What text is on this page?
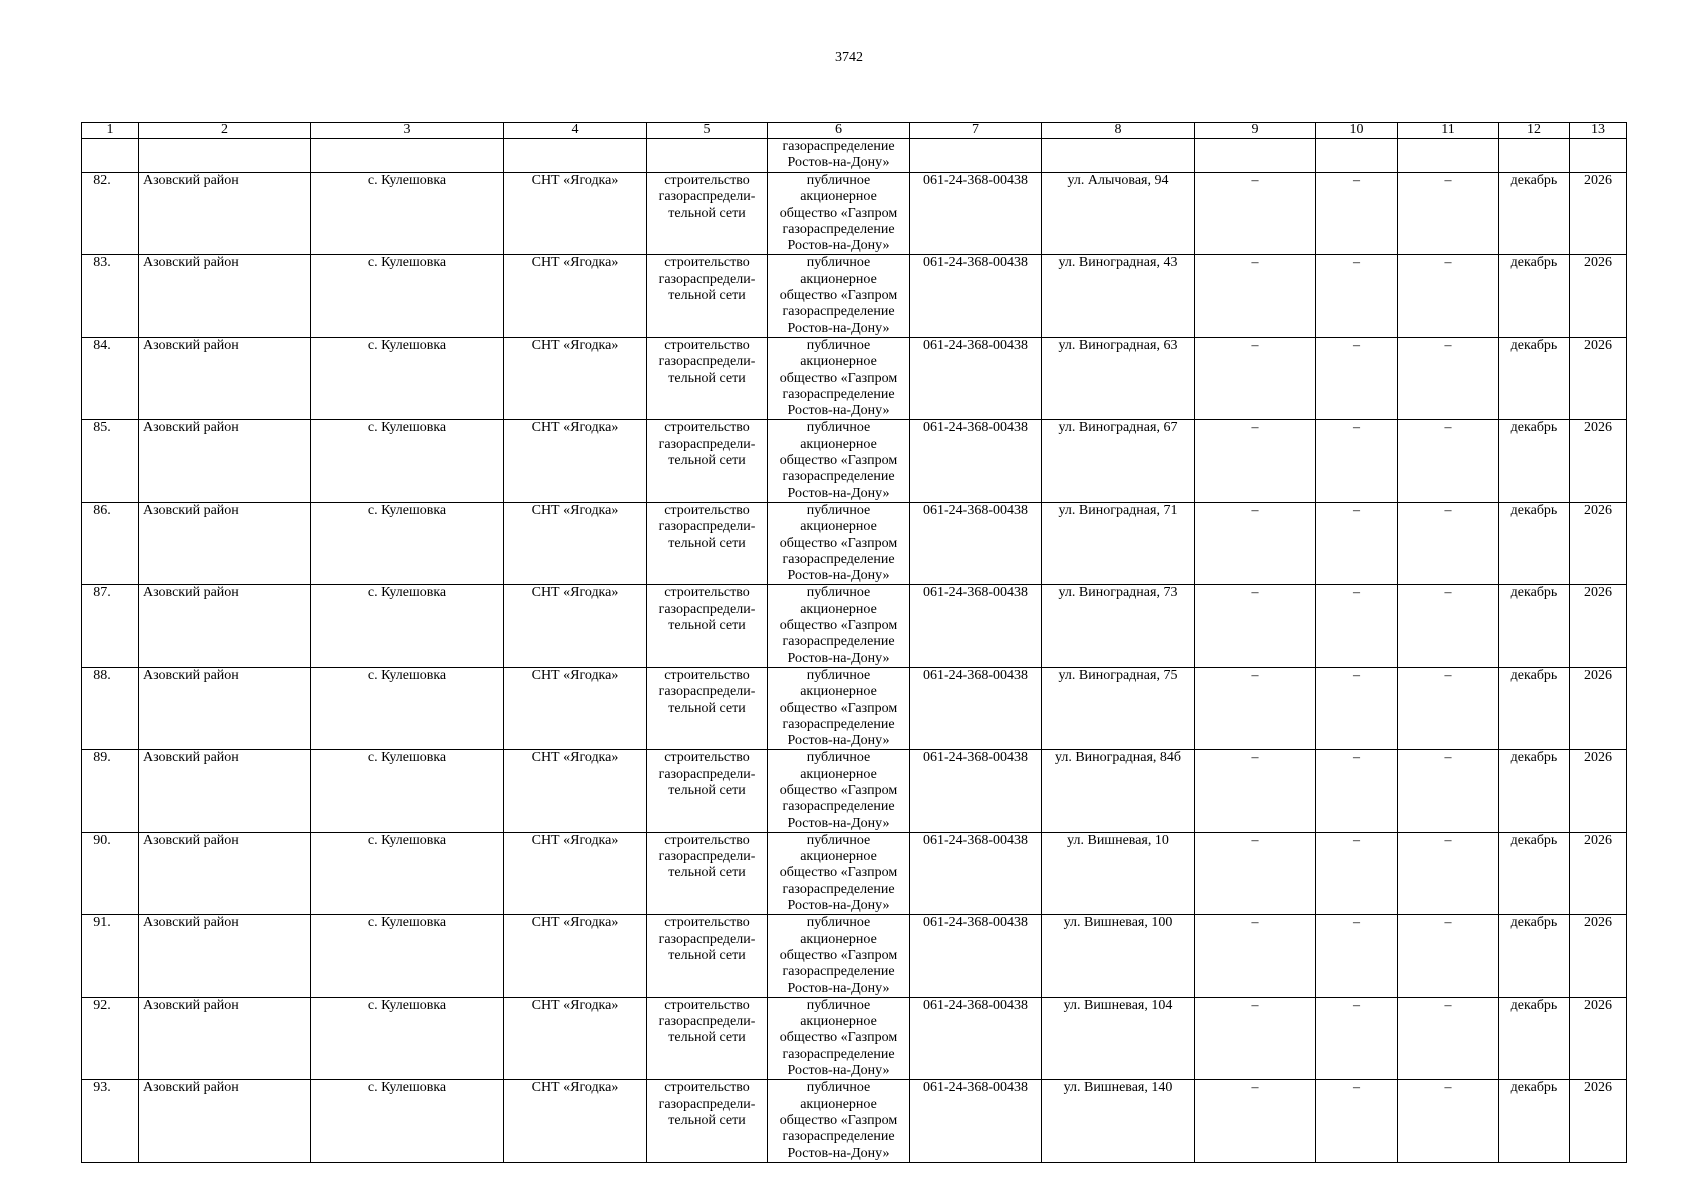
3742
1	2	3	4	5	6	7	8	9	10	11	12	13
					газораспределение Ростов-на-Дону»							
82.	Азовский район	с. Кулешовка	СНТ «Ягодка»	строительство газораспредели-тельной сети	публичное акционерное общество «Газпром газораспределение Ростов-на-Дону»	061-24-368-00438	ул. Алычовая, 94	–	–	–	декабрь	2026
83.	Азовский район	с. Кулешовка	СНТ «Ягодка»	строительство газораспредели-тельной сети	публичное акционерное общество «Газпром газораспределение Ростов-на-Дону»	061-24-368-00438	ул. Виноградная, 43	–	–	–	декабрь	2026
84.	Азовский район	с. Кулешовка	СНТ «Ягодка»	строительство газораспредели-тельной сети	публичное акционерное общество «Газпром газораспределение Ростов-на-Дону»	061-24-368-00438	ул. Виноградная, 63	–	–	–	декабрь	2026
85.	Азовский район	с. Кулешовка	СНТ «Ягодка»	строительство газораспредели-тельной сети	публичное акционерное общество «Газпром газораспределение Ростов-на-Дону»	061-24-368-00438	ул. Виноградная, 67	–	–	–	декабрь	2026
86.	Азовский район	с. Кулешовка	СНТ «Ягодка»	строительство газораспредели-тельной сети	публичное акционерное общество «Газпром газораспределение Ростов-на-Дону»	061-24-368-00438	ул. Виноградная, 71	–	–	–	декабрь	2026
87.	Азовский район	с. Кулешовка	СНТ «Ягодка»	строительство газораспредели-тельной сети	публичное акционерное общество «Газпром газораспределение Ростов-на-Дону»	061-24-368-00438	ул. Виноградная, 73	–	–	–	декабрь	2026
88.	Азовский район	с. Кулешовка	СНТ «Ягодка»	строительство газораспредели-тельной сети	публичное акционерное общество «Газпром газораспределение Ростов-на-Дону»	061-24-368-00438	ул. Виноградная, 75	–	–	–	декабрь	2026
89.	Азовский район	с. Кулешовка	СНТ «Ягодка»	строительство газораспредели-тельной сети	публичное акционерное общество «Газпром газораспределение Ростов-на-Дону»	061-24-368-00438	ул. Виноградная, 84б	–	–	–	декабрь	2026
90.	Азовский район	с. Кулешовка	СНТ «Ягодка»	строительство газораспредели-тельной сети	публичное акционерное общество «Газпром газораспределение Ростов-на-Дону»	061-24-368-00438	ул. Вишневая, 10	–	–	–	декабрь	2026
91.	Азовский район	с. Кулешовка	СНТ «Ягодка»	строительство газораспредели-тельной сети	публичное акционерное общество «Газпром газораспределение Ростов-на-Дону»	061-24-368-00438	ул. Вишневая, 100	–	–	–	декабрь	2026
92.	Азовский район	с. Кулешовка	СНТ «Ягодка»	строительство газораспредели-тельной сети	публичное акционерное общество «Газпром газораспределение Ростов-на-Дону»	061-24-368-00438	ул. Вишневая, 104	–	–	–	декабрь	2026
93.	Азовский район	с. Кулешовка	СНТ «Ягодка»	строительство газораспредели-тельной сети	публичное акционерное общество «Газпром газораспределение Ростов-на-Дону»	061-24-368-00438	ул. Вишневая, 140	–	–	–	декабрь	2026
